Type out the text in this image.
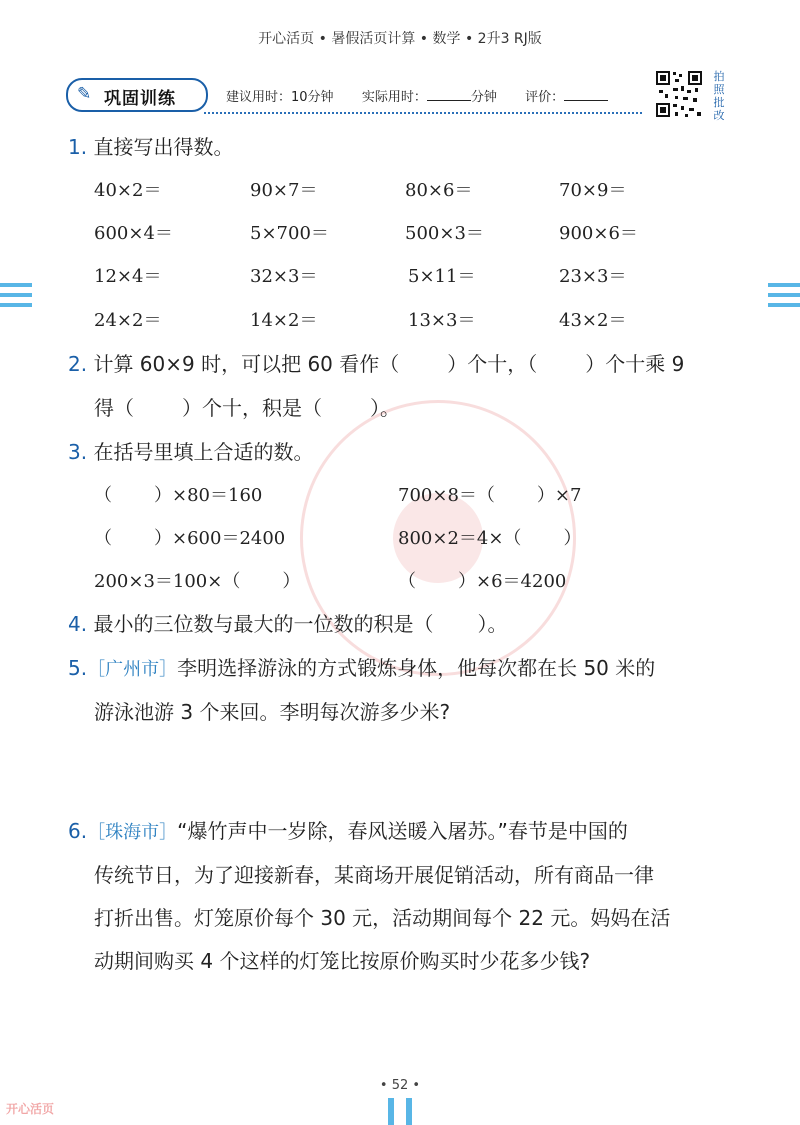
开心活页 • 暑假活页计算 • 数学 • 2升3 RJ版
✎ 巩固训练	建议用时：10分钟 实际用时：	分钟 评价：
拍照批改
1. 直接写出得数。
40×2＝	90×7＝	80×6＝	70×9＝
600×4＝	5×700＝	500×3＝	900×6＝
12×4＝	32×3＝	5×11＝	23×3＝
24×2＝	14×2＝	13×3＝	43×2＝
2. 计算 60×9 时，可以把 60 看作（ ）个十，（ ）个十乘 9
得（ ）个十，积是（ ）。
3. 在括号里填上合适的数。
（ ）×80＝160	700×8＝（ ）×7
（ ）×600＝2400	800×2＝4×（ ）
200×3＝100×（ ）	（ ）×6＝4200
4. 最小的三位数与最大的一位数的积是（ ）。
5.［广州市］李明选择游泳的方式锻炼身体，他每次都在长 50 米的
游泳池游 3 个来回。李明每次游多少米?
6.［珠海市］“爆竹声中一岁除，春风送暖入屠苏。”春节是中国的
传统节日，为了迎接新春，某商场开展促销活动，所有商品一律
打折出售。灯笼原价每个 30 元，活动期间每个 22 元。妈妈在活
动期间购买 4 个这样的灯笼比按原价购买时少花多少钱?
• 52 •
开心活页
